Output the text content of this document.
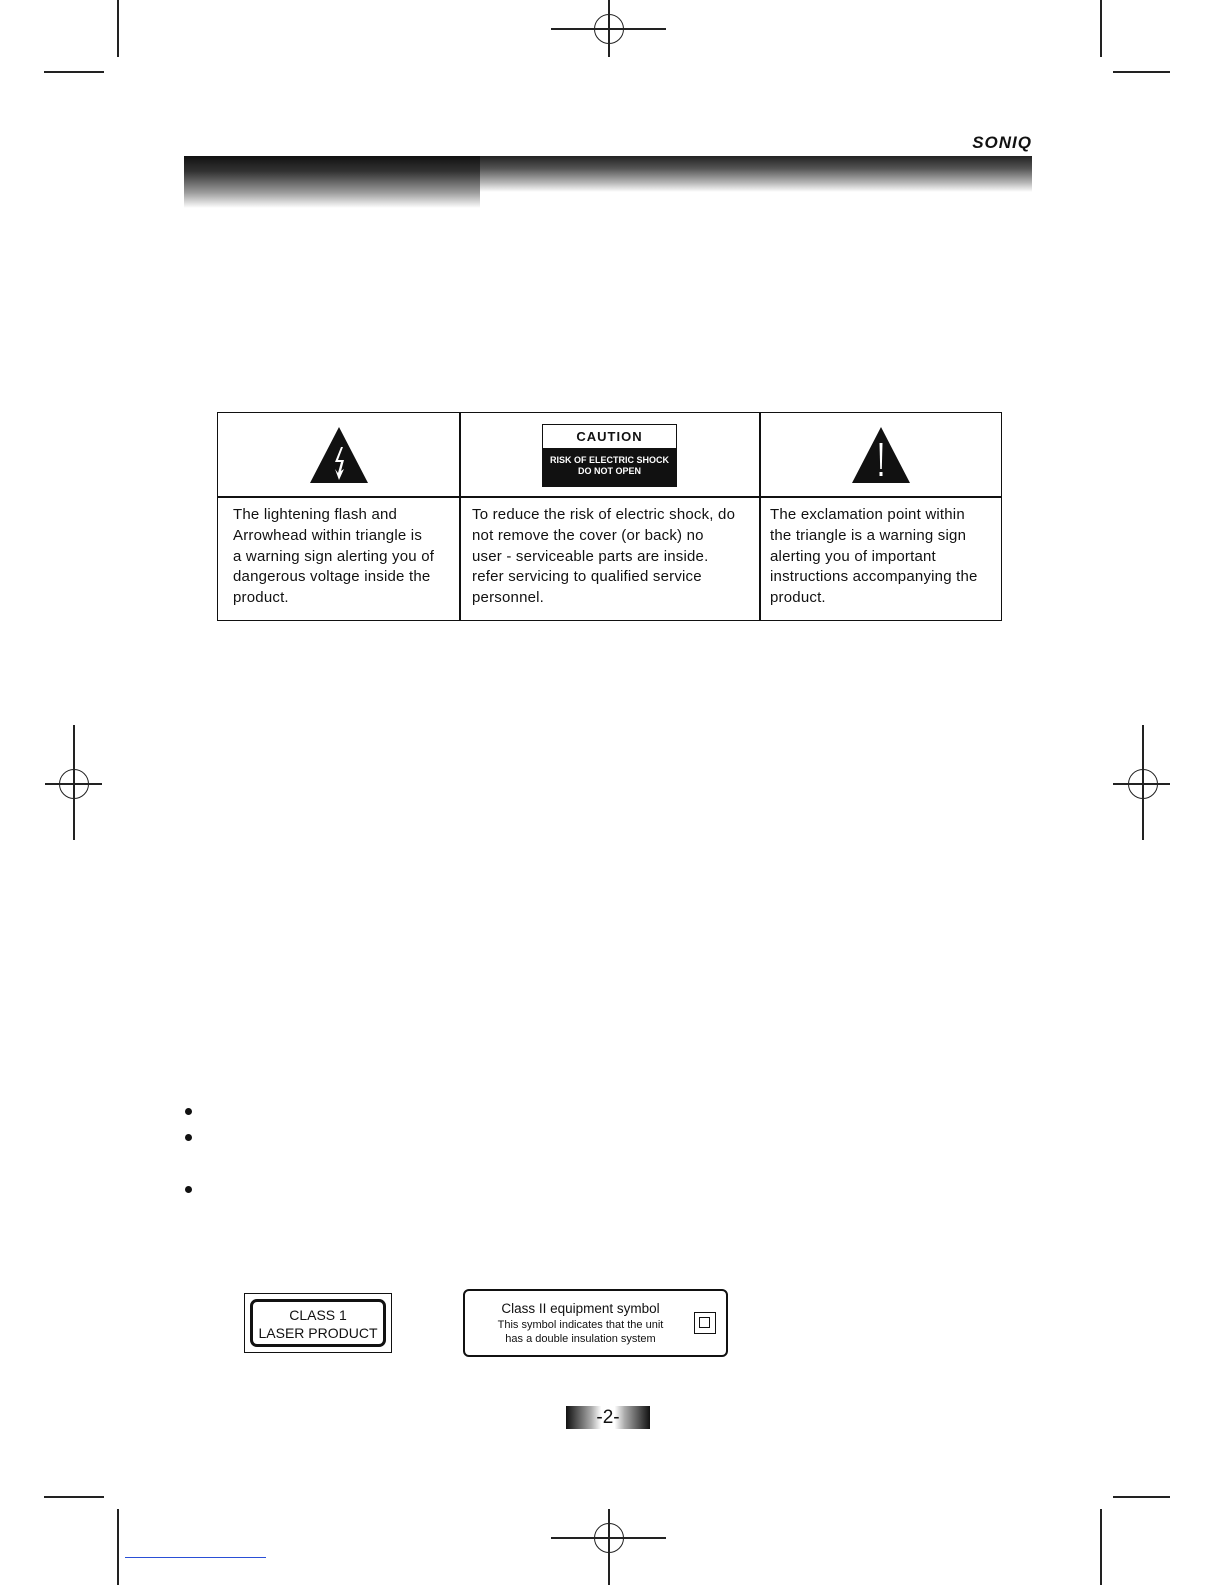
SONIQ
CAUTION
RISK OF ELECTRIC SHOCK
DO NOT OPEN
The lightening flash and
Arrowhead within triangle is
a warning sign alerting you of
dangerous voltage inside the
product.
To reduce the risk of electric shock, do
not remove the cover (or back) no
user - serviceable parts are inside.
refer servicing to qualified service
personnel.
The exclamation point within
the triangle is a warning sign
alerting you of important
instructions accompanying the
product.
CLASS 1
LASER PRODUCT
Class II equipment symbol
This symbol indicates that the unit
has a double insulation system
-2-
